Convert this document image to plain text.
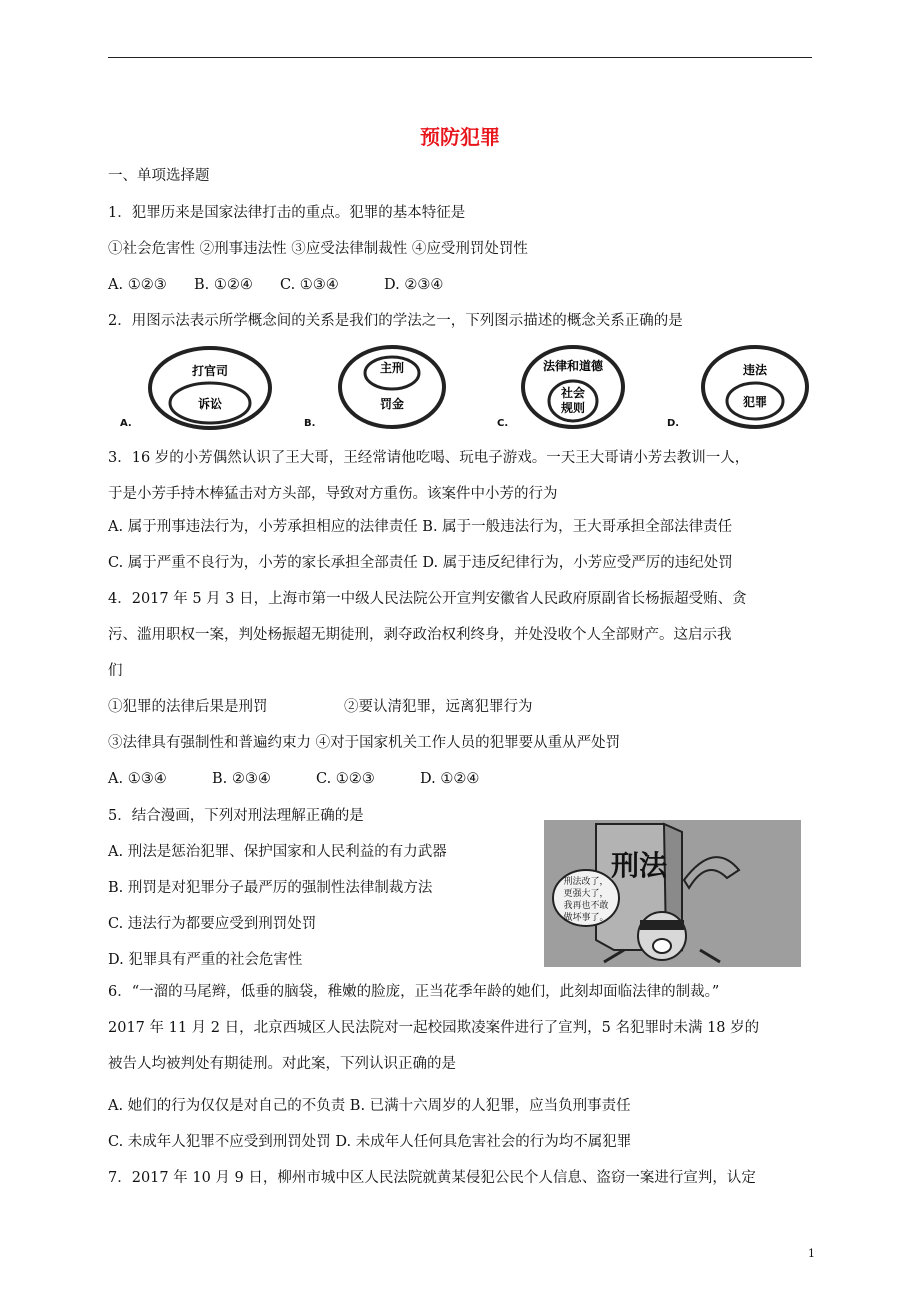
预防犯罪
一、单项选择题
1．犯罪历来是国家法律打击的重点。犯罪的基本特征是
①社会危害性 ②刑事违法性 ③应受法律制裁性 ④应受刑罚处罚性
A. ①②③ B. ①②④ C. ①③④	D. ②③④
2．用图示法表示所学概念间的关系是我们的学法之一，下列图示描述的概念关系正确的是
打官司
诉讼
A.
主刑
罚金
B.
法律和道德
社会
规则
C.
违法
犯罪
D.
3．16 岁的小芳偶然认识了王大哥，王经常请他吃喝、玩电子游戏。一天王大哥请小芳去教训一人，
于是小芳手持木棒猛击对方头部，导致对方重伤。该案件中小芳的行为
A. 属于刑事违法行为，小芳承担相应的法律责任 B. 属于一般违法行为，王大哥承担全部法律责任
C. 属于严重不良行为，小芳的家长承担全部责任 D. 属于违反纪律行为，小芳应受严厉的违纪处罚
4．2017 年 5 月 3 日，上海市第一中级人民法院公开宣判安徽省人民政府原副省长杨振超受贿、贪
污、滥用职权一案，判处杨振超无期徒刑，剥夺政治权利终身，并处没收个人全部财产。这启示我
们
①犯罪的法律后果是刑罚	②要认清犯罪，远离犯罪行为
③法律具有强制性和普遍约束力 ④对于国家机关工作人员的犯罪要从重从严处罚
A. ①③④	B. ②③④	C. ①②③	D. ①②④
5．结合漫画，下列对刑法理解正确的是
A. 刑法是惩治犯罪、保护国家和人民利益的有力武器
B. 刑罚是对犯罪分子最严厉的强制性法律制裁方法
C. 违法行为都要应受到刑罚处罚
D. 犯罪具有严重的社会危害性
刑法
刑法改了，
更强大了，
我再也不敢
做坏事了。
6．“一溜的马尾辫，低垂的脑袋，稚嫩的脸庞，正当花季年龄的她们，此刻却面临法律的制裁。”
2017 年 11 月 2 日，北京西城区人民法院对一起校园欺凌案件进行了宣判，5 名犯罪时未满 18 岁的
被告人均被判处有期徒刑。对此案，下列认识正确的是
A. 她们的行为仅仅是对自己的不负责 B. 已满十六周岁的人犯罪，应当负刑事责任
C. 未成年人犯罪不应受到刑罚处罚 D. 未成年人任何具危害社会的行为均不属犯罪
7．2017 年 10 月 9 日，柳州市城中区人民法院就黄某侵犯公民个人信息、盗窃一案进行宣判，认定
1
